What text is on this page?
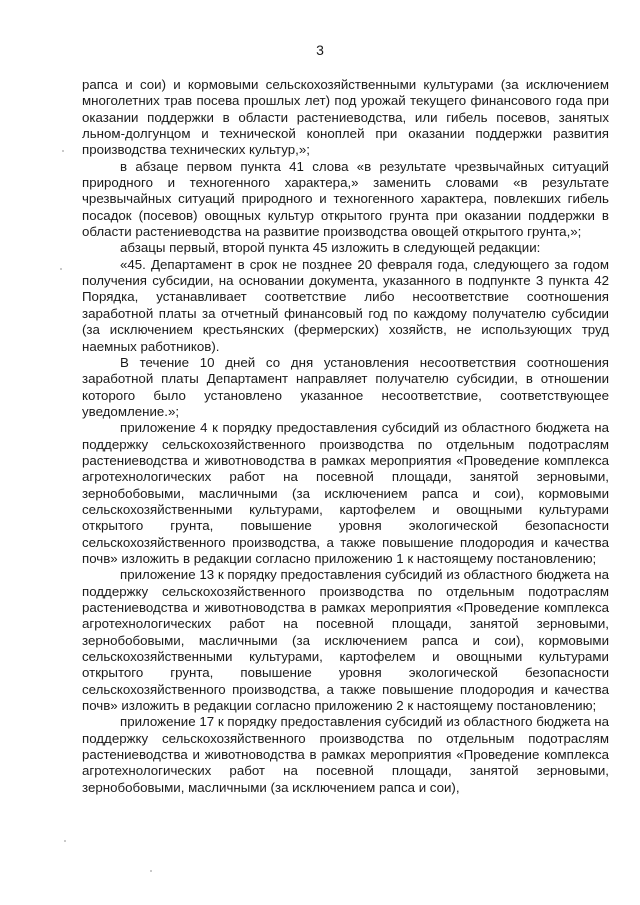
3

рапса и сои) и кормовыми сельскохозяйственными культурами (за исключением многолетних трав посева прошлых лет) под урожай текущего финансового года при оказании поддержки в области растениеводства, или гибель посевов, занятых льном-долгунцом и технической коноплей при оказании поддержки развития производства технических культур,»;

в абзаце первом пункта 41 слова «в результате чрезвычайных ситуаций природного и техногенного характера,» заменить словами «в результате чрезвычайных ситуаций природного и техногенного характера, повлекших гибель посадок (посевов) овощных культур открытого грунта при оказании поддержки в области растениеводства на развитие производства овощей открытого грунта,»;

абзацы первый, второй пункта 45 изложить в следующей редакции:

«45. Департамент в срок не позднее 20 февраля года, следующего за годом получения субсидии, на основании документа, указанного в подпункте 3 пункта 42 Порядка, устанавливает соответствие либо несоответствие соотношения заработной платы за отчетный финансовый год по каждому получателю субсидии (за исключением крестьянских (фермерских) хозяйств, не использующих труд наемных работников).

В течение 10 дней со дня установления несоответствия соотношения заработной платы Департамент направляет получателю субсидии, в отношении которого было установлено указанное несоответствие, соответствующее уведомление.»;

приложение 4 к порядку предоставления субсидий из областного бюджета на поддержку сельскохозяйственного производства по отдельным подотраслям растениеводства и животноводства в рамках мероприятия «Проведение комплекса агротехнологических работ на посевной площади, занятой зерновыми, зернобобовыми, масличными (за исключением рапса и сои), кормовыми сельскохозяйственными культурами, картофелем и овощными культурами открытого грунта, повышение уровня экологической безопасности сельскохозяйственного производства, а также повышение плодородия и качества почв» изложить в редакции согласно приложению 1 к настоящему постановлению;

приложение 13 к порядку предоставления субсидий из областного бюджета на поддержку сельскохозяйственного производства по отдельным подотраслям растениеводства и животноводства в рамках мероприятия «Проведение комплекса агротехнологических работ на посевной площади, занятой зерновыми, зернобобовыми, масличными (за исключением рапса и сои), кормовыми сельскохозяйственными культурами, картофелем и овощными культурами открытого грунта, повышение уровня экологической безопасности сельскохозяйственного производства, а также повышение плодородия и качества почв» изложить в редакции согласно приложению 2 к настоящему постановлению;

приложение 17 к порядку предоставления субсидий из областного бюджета на поддержку сельскохозяйственного производства по отдельным подотраслям растениеводства и животноводства в рамках мероприятия «Проведение комплекса агротехнологических работ на посевной площади, занятой зерновыми, зернобобовыми, масличными (за исключением рапса и сои),
